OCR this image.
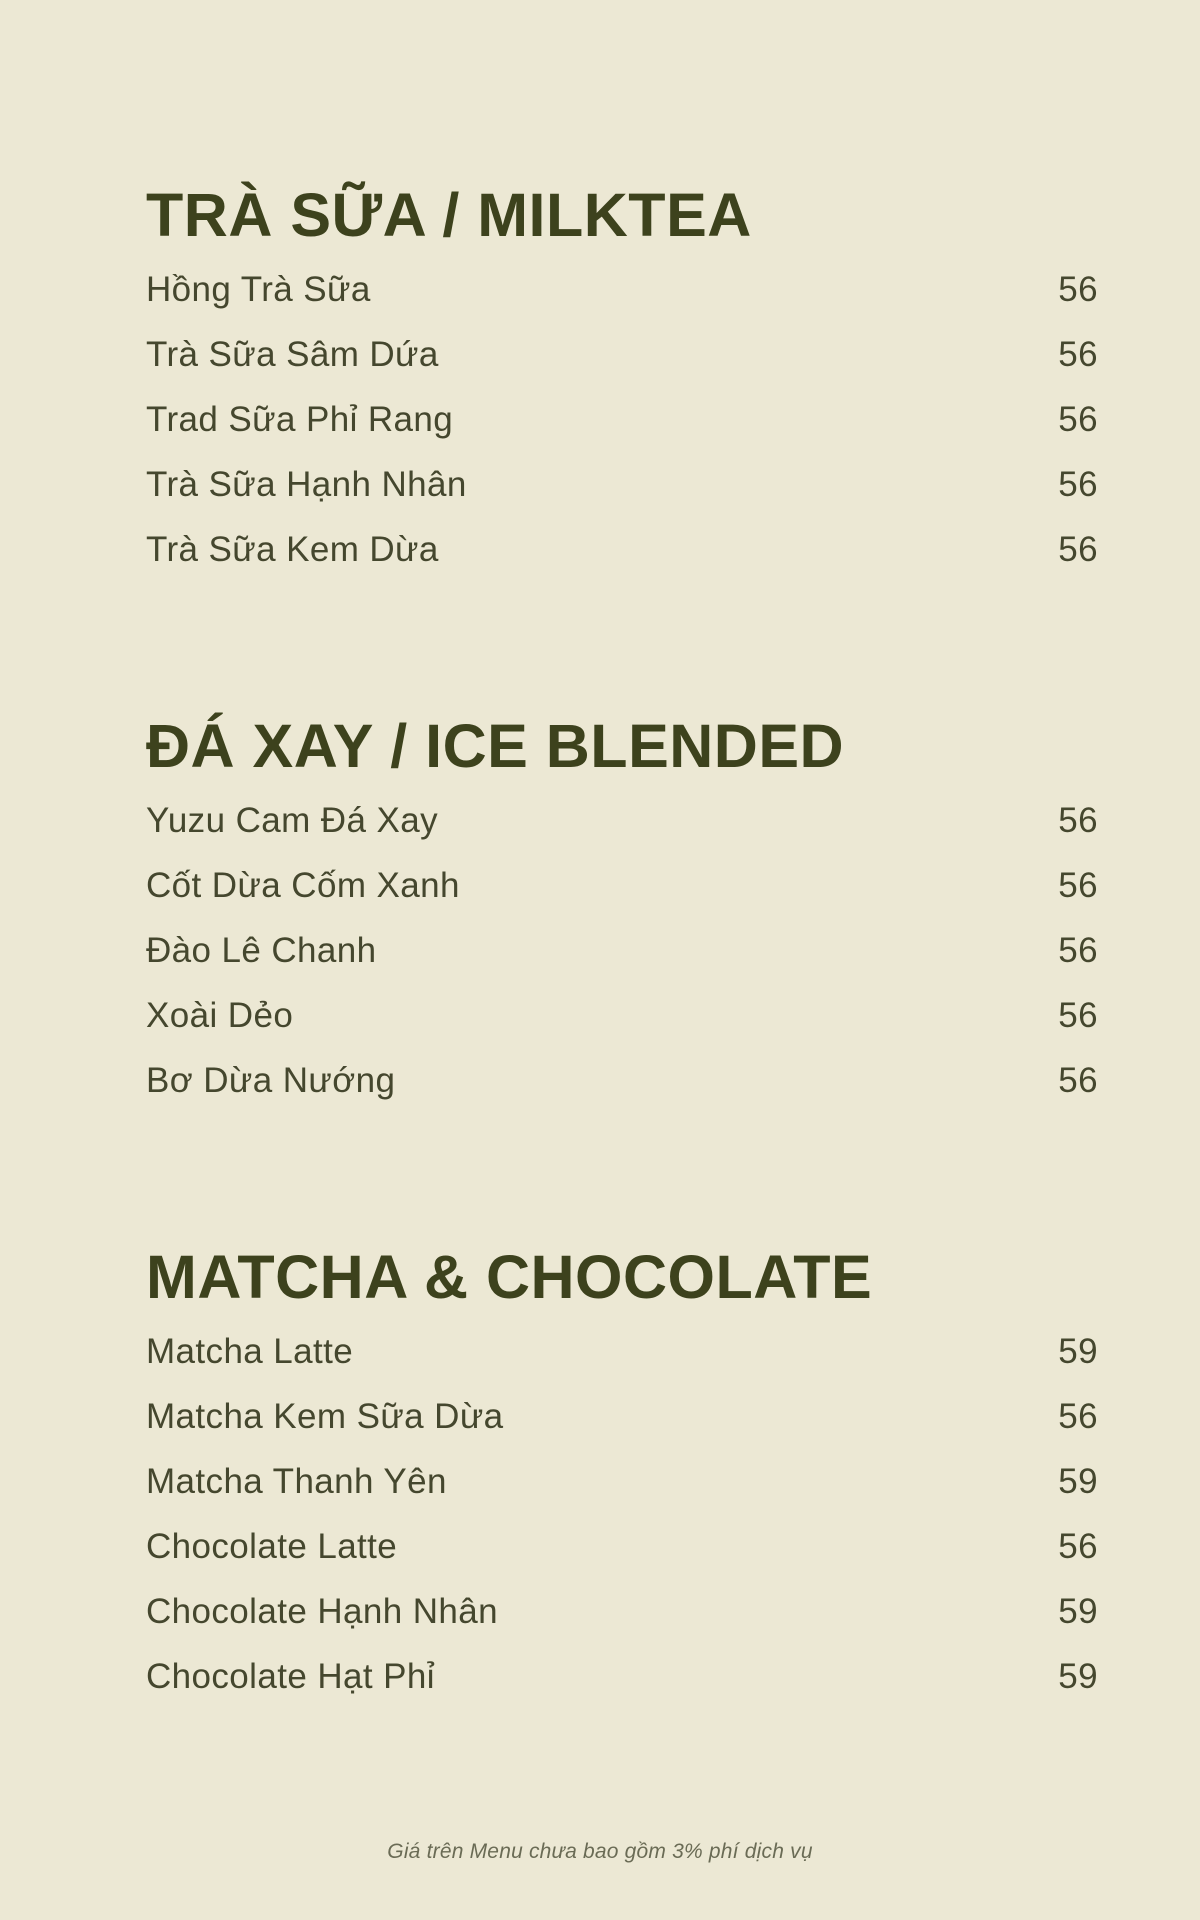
TRÀ SỮA / MILKTEA
Hồng Trà Sữa	56
Trà Sữa Sâm Dứa	56
Trad Sữa Phỉ Rang	56
Trà Sữa Hạnh Nhân	56
Trà Sữa Kem Dừa	56
ĐÁ XAY / ICE BLENDED
Yuzu Cam Đá Xay	56
Cốt Dừa Cốm Xanh	56
Đào Lê Chanh	56
Xoài Dẻo	56
Bơ Dừa Nướng	56
MATCHA & CHOCOLATE
Matcha Latte	59
Matcha Kem Sữa Dừa	56
Matcha Thanh Yên	59
Chocolate Latte	56
Chocolate Hạnh Nhân	59
Chocolate Hạt Phỉ	59
Giá trên Menu chưa bao gồm 3% phí dịch vụ
